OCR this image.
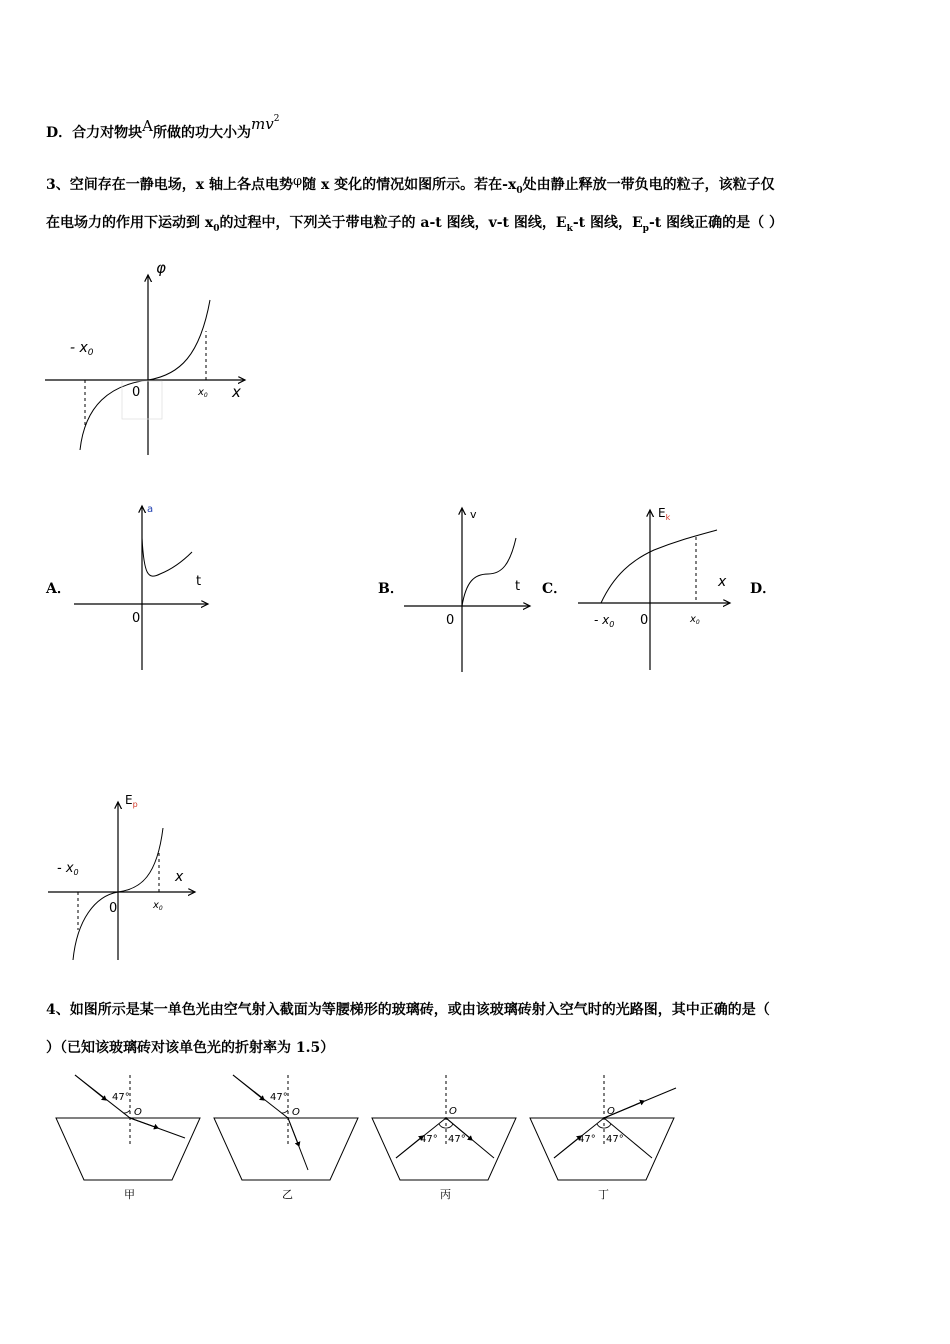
D．合力对物块A所做的功大小为$mv^2$
3、空间存在一静电场，x 轴上各点电势φ随 x 变化的情况如图所示。若在$-x_0$处由静止释放一带负电的粒子，该粒子仅
在电场力的作用下运动到 $x_0$的过程中，下列关于带电粒子的 a-t 图线，v-t 图线，$E_k-t$ 图线，$E_p-t$ 图线正确的是（ ）
φ
x
0
- $x_0$
$x_0$
A．
a
t
0
B．
v
t
0
C．
$E_k$
x
0
- $x_0$	$x_0$
D．
$E_p$
x
0
- $x_0$
$x_0$
4、如图所示是某一单色光由空气射入截面为等腰梯形的玻璃砖，或由该玻璃砖射入空气时的光路图，其中正确的是（
）（已知该玻璃砖对该单色光的折射率为 1.5）
47°
O
甲
47°
O
乙
47° 47°
O
丙
47° 47°
O
丁
